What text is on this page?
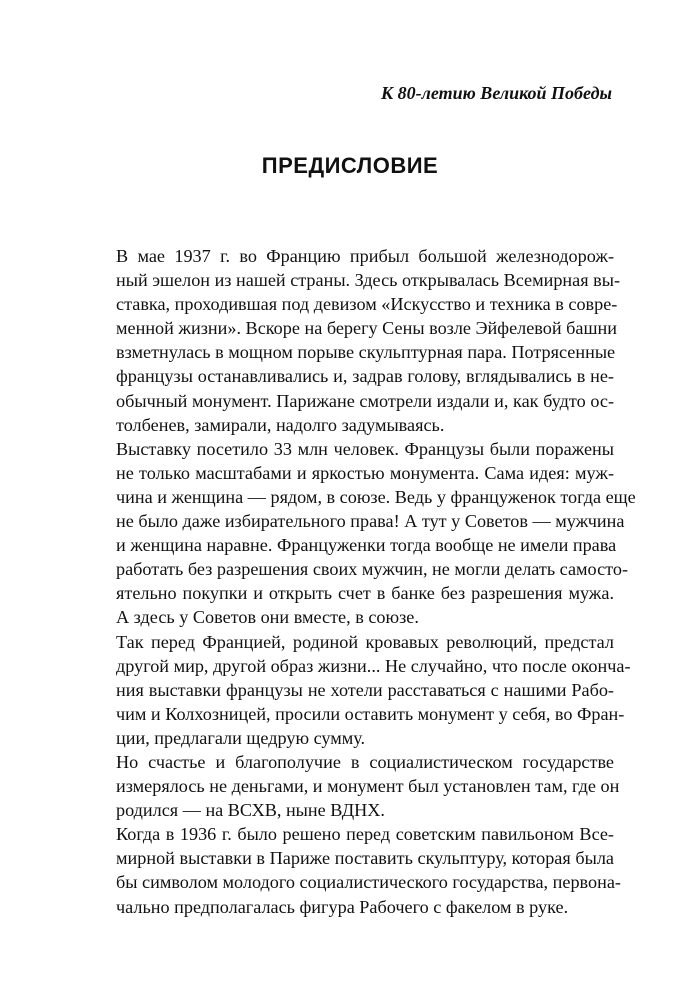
К 80-летию Великой Победы
ПРЕДИСЛОВИЕ

В мае 1937 г. во Францию прибыл большой железнодорож-
ный эшелон из нашей страны. Здесь открывалась Всемирная вы-
ставка, проходившая под девизом «Искусство и техника в совре-
менной жизни». Вскоре на берегу Сены возле Эйфелевой башни
взметнулась в мощном порыве скульптурная пара. Потрясенные
французы останавливались и, задрав голову, вглядывались в не-
обычный монумент. Парижане смотрели издали и, как будто ос-
толбенев, замирали, надолго задумываясь.

Выставку посетило 33 млн человек. Французы были поражены
не только масштабами и яркостью монумента. Сама идея: муж-
чина и женщина — рядом, в союзе. Ведь у француженок тогда еще
не было даже избирательного права! А тут у Советов — мужчина
и женщина наравне. Француженки тогда вообще не имели права
работать без разрешения своих мужчин, не могли делать самосто-
ятельно покупки и открыть счет в банке без разрешения мужа.
А здесь у Советов они вместе, в союзе.

Так перед Францией, родиной кровавых революций, предстал
другой мир, другой образ жизни... Не случайно, что после оконча-
ния выставки французы не хотели расставаться с нашими Рабо-
чим и Колхозницей, просили оставить монумент у себя, во Фран-
ции, предлагали щедрую сумму.

Но счастье и благополучие в социалистическом государстве
измерялось не деньгами, и монумент был установлен там, где он
родился — на ВСХВ, ныне ВДНХ.

Когда в 1936 г. было решено перед советским павильоном Все-
мирной выставки в Париже поставить скульптуру, которая была
бы символом молодого социалистического государства, первона-
чально предполагалась фигура Рабочего с факелом в руке.
